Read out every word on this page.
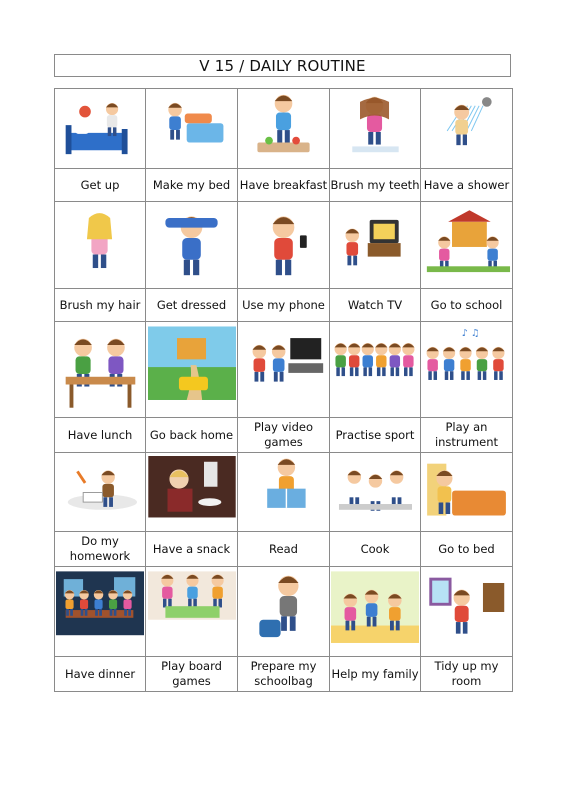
V 15 / DAILY ROUTINE

Get up	Make my bed	Have breakfast	Brush my teeth	Have a shower

Brush my hair	Get dressed	Use my phone	Watch TV	Go to school

♪ ♫

Have lunch	Go back home	Play video games	Practise sport	Play an instrument

Do my homework	Have a snack	Read	Cook	Go to bed

Have dinner	Play board games	Prepare my schoolbag	Help my family	Tidy up my room
